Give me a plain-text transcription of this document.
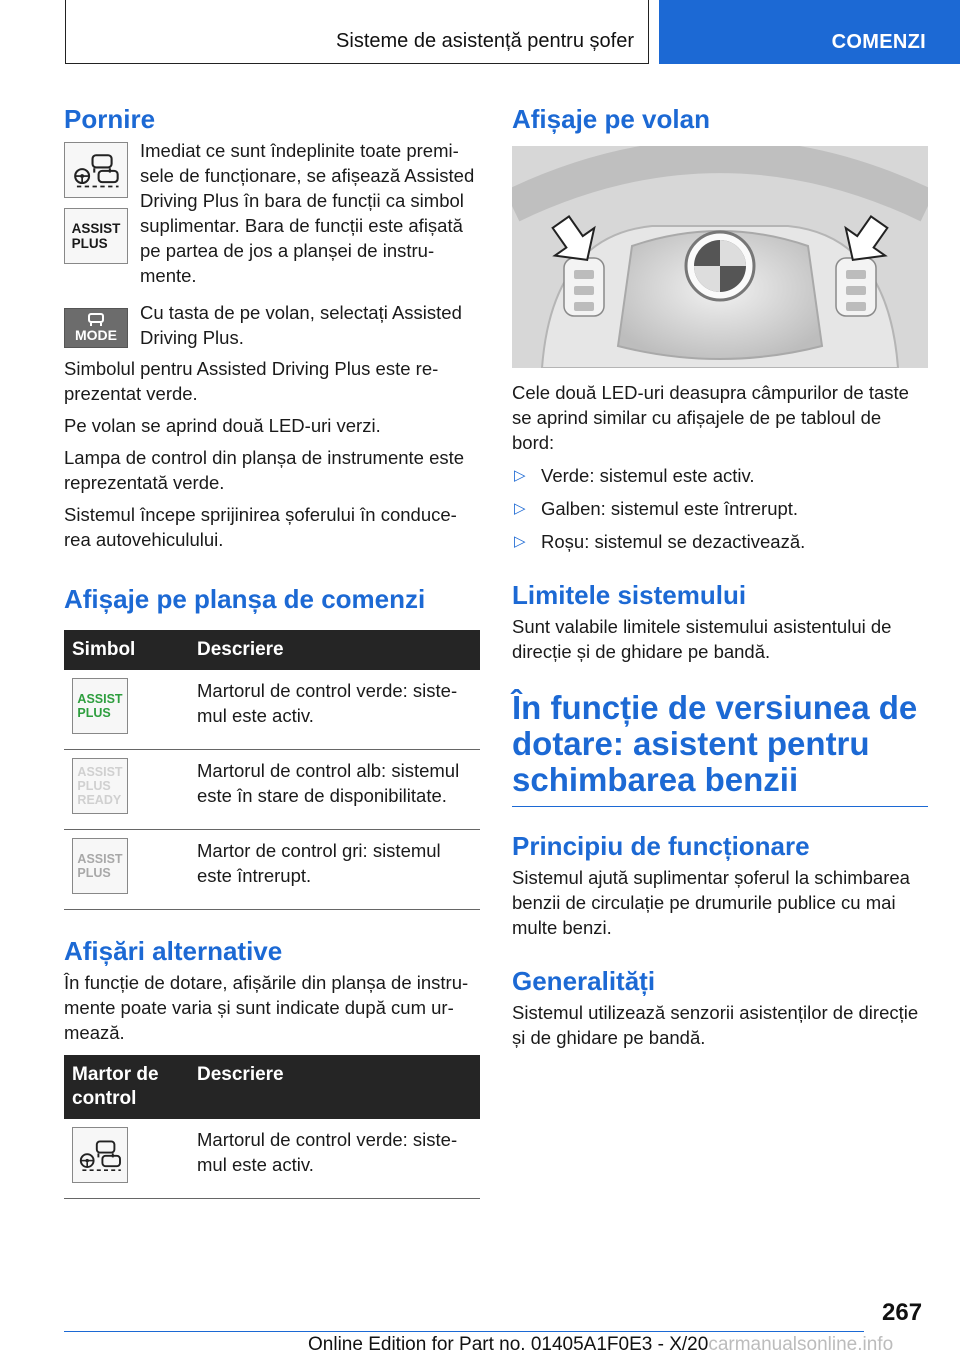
Sisteme de asistență pentru șofer	COMENZI
Pornire
ASSIST
PLUS

Imediat ce sunt îndeplinite toate premi-sele de funcționare, se afișează Assisted Driving Plus în bara de funcții ca simbol suplimentar. Bara de funcții este afișată pe partea de jos a planșei de instru-mente.

MODE

Cu tasta de pe volan, selectați Assisted Driving Plus.

Simbolul pentru Assisted Driving Plus este re-prezentat verde.

Pe volan se aprind două LED-uri verzi.

Lampa de control din planșa de instrumente este reprezentată verde.

Sistemul începe sprijinirea șoferului în conduce-rea autovehiculului.

Afișaje pe planșa de comenzi
Simbol	Descriere

ASSIST
PLUS	Martorul de control verde: siste-mul este activ.

ASSIST
PLUS
READY	Martorul de control alb: sistemul este în stare de disponibilitate.

ASSIST
PLUS	Martor de control gri: sistemul este întrerupt.
Afișări alternative

În funcție de dotare, afișările din planșa de instru-mente poate varia și sunt indicate după cum ur-mează.

Martor de control	Descriere

	Martorul de control verde: siste-mul este activ.
Afișaje pe volan

Cele două LED-uri deasupra câmpurilor de taste se aprind similar cu afișajele de pe tabloul de bord:

▷ Verde: sistemul este activ.
▷ Galben: sistemul este întrerupt.
▷ Roșu: sistemul se dezactivează.
Limitele sistemului

Sunt valabile limitele sistemului asistentului de direcție și de ghidare pe bandă.

În funcție de versiunea de dotare: asistent pentru schimbarea benzii
Principiu de funcționare

Sistemul ajută suplimentar șoferul la schimbarea benzii de circulație pe drumurile publice cu mai multe benzi.

Generalități

Sistemul utilizează senzorii asistenților de direcție și de ghidare pe bandă.

267
Online Edition for Part no. 01405A1F0E3 - X/20carmanualsonline.info
